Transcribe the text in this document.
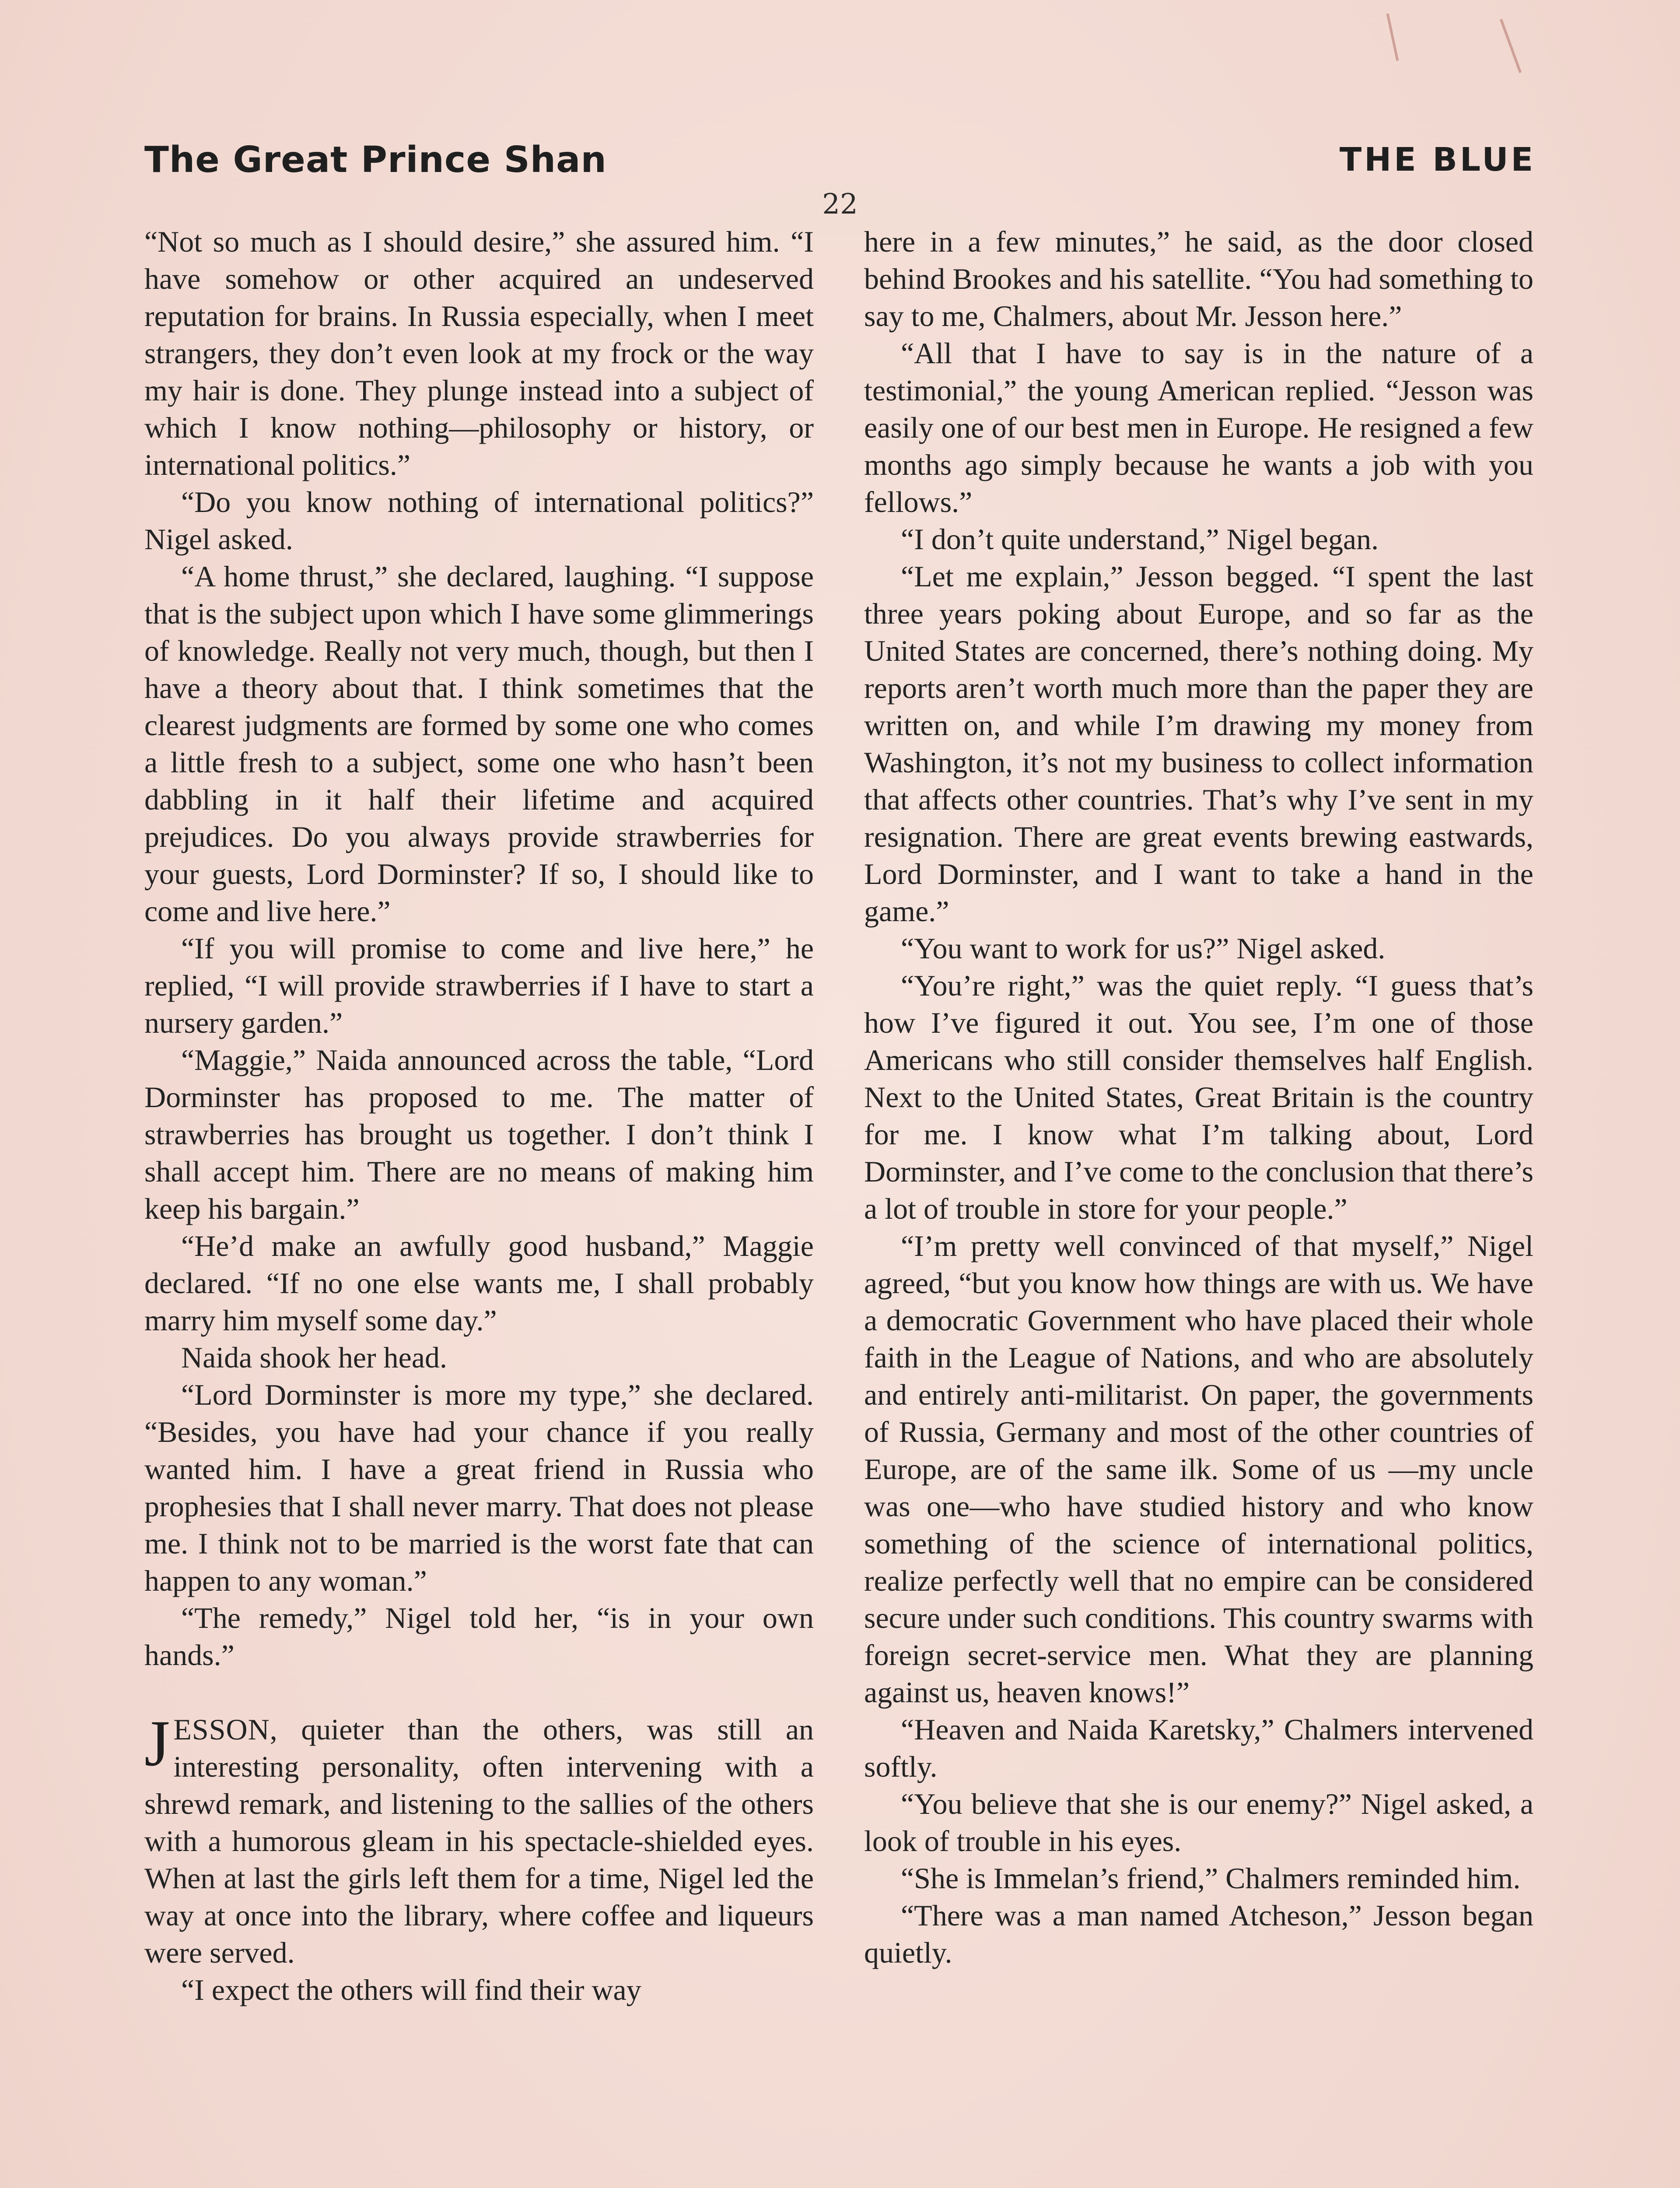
The Great Prince Shan	THE BLUE
22

“Not so much as I should desire,” she assured him. “I have somehow or other acquired an undeserved reputation for brains. In Russia especially, when I meet strangers, they don’t even look at my frock or the way my hair is done. They plunge instead into a subject of which I know nothing—philosophy or history, or international politics.”

“Do you know nothing of international politics?” Nigel asked.

“A home thrust,” she declared, laughing. “I suppose that is the subject upon which I have some glimmerings of knowledge. Really not very much, though, but then I have a theory about that. I think sometimes that the clearest judgments are formed by some one who comes a little fresh to a subject, some one who hasn’t been dabbling in it half their lifetime and acquired prejudices. Do you always provide strawberries for your guests, Lord Dorminster? If so, I should like to come and live here.”

“If you will promise to come and live here,” he replied, “I will provide strawberries if I have to start a nursery garden.”

“Maggie,” Naida announced across the table, “Lord Dorminster has proposed to me. The matter of strawberries has brought us together. I don’t think I shall accept him. There are no means of making him keep his bargain.”

“He’d make an awfully good husband,” Maggie declared. “If no one else wants me, I shall probably marry him myself some day.”

Naida shook her head.

“Lord Dorminster is more my type,” she declared. “Besides, you have had your chance if you really wanted him. I have a great friend in Russia who prophesies that I shall never marry. That does not please me. I think not to be married is the worst fate that can happen to any woman.”

“The remedy,” Nigel told her, “is in your own hands.”

JESSON, quieter than the others, was still an interesting personality, often intervening with a shrewd remark, and listening to the sallies of the others with a humorous gleam in his spectacle-shielded eyes. When at last the girls left them for a time, Nigel led the way at once into the library, where coffee and liqueurs were served.

“I expect the others will find their way

here in a few minutes,” he said, as the door closed behind Brookes and his satellite. “You had something to say to me, Chalmers, about Mr. Jesson here.”

“All that I have to say is in the nature of a testimonial,” the young American replied. “Jesson was easily one of our best men in Europe. He resigned a few months ago simply because he wants a job with you fellows.”

“I don’t quite understand,” Nigel began.

“Let me explain,” Jesson begged. “I spent the last three years poking about Europe, and so far as the United States are concerned, there’s nothing doing. My reports aren’t worth much more than the paper they are written on, and while I’m drawing my money from Washington, it’s not my business to collect information that affects other countries. That’s why I’ve sent in my resignation. There are great events brewing eastwards, Lord Dorminster, and I want to take a hand in the game.”

“You want to work for us?” Nigel asked.

“You’re right,” was the quiet reply. “I guess that’s how I’ve figured it out. You see, I’m one of those Americans who still consider themselves half English. Next to the United States, Great Britain is the country for me. I know what I’m talking about, Lord Dorminster, and I’ve come to the conclusion that there’s a lot of trouble in store for your people.”

“I’m pretty well convinced of that myself,” Nigel agreed, “but you know how things are with us. We have a democratic Government who have placed their whole faith in the League of Nations, and who are absolutely and entirely anti-militarist. On paper, the governments of Russia, Germany and most of the other countries of Europe, are of the same ilk. Some of us —my uncle was one—who have studied history and who know something of the science of international politics, realize perfectly well that no empire can be considered secure under such conditions. This country swarms with foreign secret-service men. What they are planning against us, heaven knows!”

“Heaven and Naida Karetsky,” Chalmers intervened softly.

“You believe that she is our enemy?” Nigel asked, a look of trouble in his eyes.

“She is Immelan’s friend,” Chalmers reminded him.

“There was a man named Atcheson,” Jesson began quietly.
